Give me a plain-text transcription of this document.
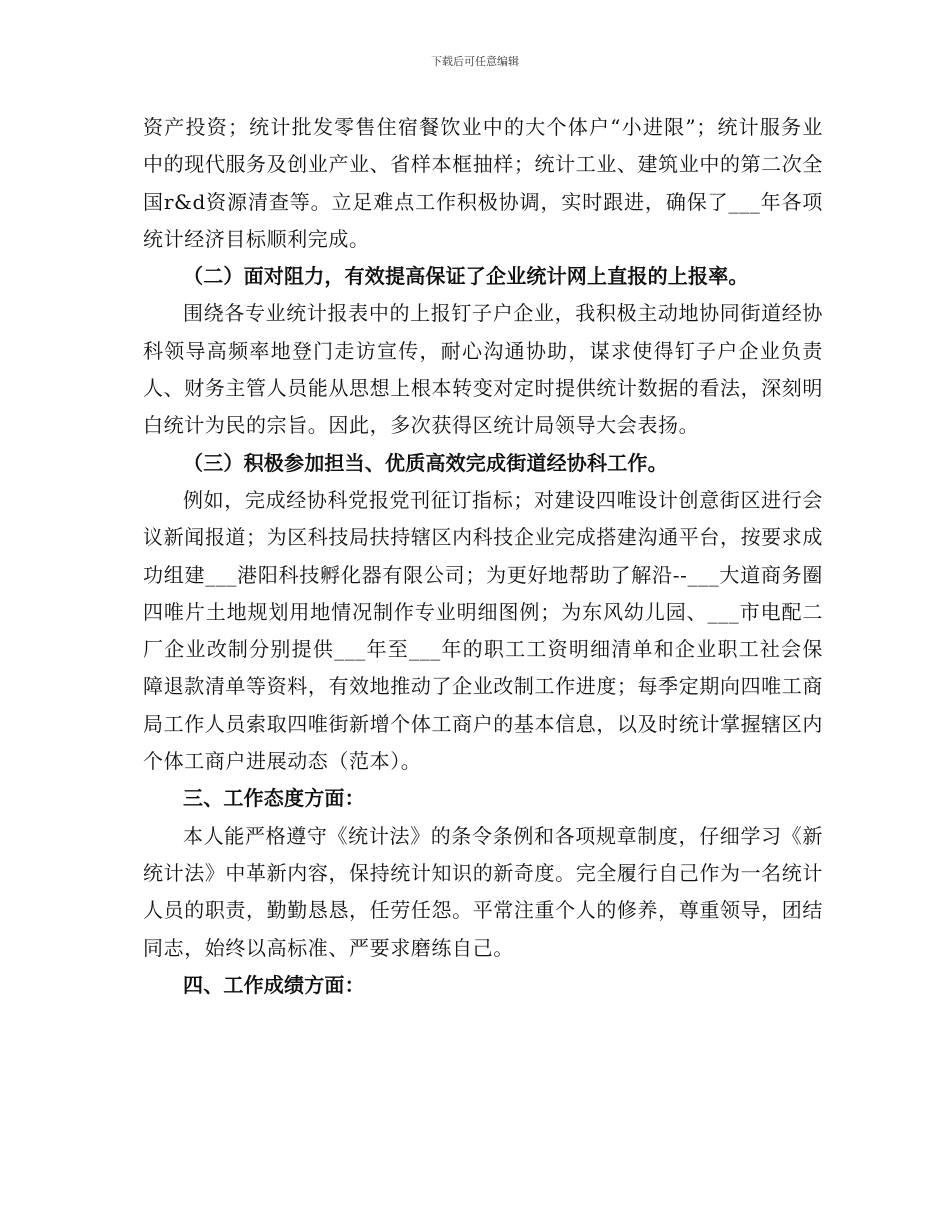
下载后可任意编辑

资产投资；统计批发零售住宿餐饮业中的大个体户“小进限”；统计服务业中的现代服务及创业产业、省样本框抽样；统计工业、建筑业中的第二次全国r&d资源清查等。立足难点工作积极协调，实时跟进，确保了___年各项统计经济目标顺利完成。

（二）面对阻力，有效提高保证了企业统计网上直报的上报率。

围绕各专业统计报表中的上报钉子户企业，我积极主动地协同街道经协科领导高频率地登门走访宣传，耐心沟通协助，谋求使得钉子户企业负责人、财务主管人员能从思想上根本转变对定时提供统计数据的看法，深刻明白统计为民的宗旨。因此，多次获得区统计局领导大会表扬。

（三）积极参加担当、优质高效完成街道经协科工作。

例如，完成经协科党报党刊征订指标；对建设四唯设计创意街区进行会议新闻报道；为区科技局扶持辖区内科技企业完成搭建沟通平台，按要求成功组建___港阳科技孵化器有限公司；为更好地帮助了解沿--___大道商务圈四唯片土地规划用地情况制作专业明细图例；为东风幼儿园、___市电配二厂企业改制分别提供___年至___年的职工工资明细清单和企业职工社会保障退款清单等资料，有效地推动了企业改制工作进度；每季定期向四唯工商局工作人员索取四唯街新增个体工商户的基本信息，以及时统计掌握辖区内个体工商户进展动态（范本）。

三、工作态度方面：

本人能严格遵守《统计法》的条令条例和各项规章制度，仔细学习《新统计法》中革新内容，保持统计知识的新奇度。完全履行自己作为一名统计人员的职责，勤勤恳恳，任劳任怨。平常注重个人的修养，尊重领导，团结同志，始终以高标准、严要求磨练自己。

四、工作成绩方面：
